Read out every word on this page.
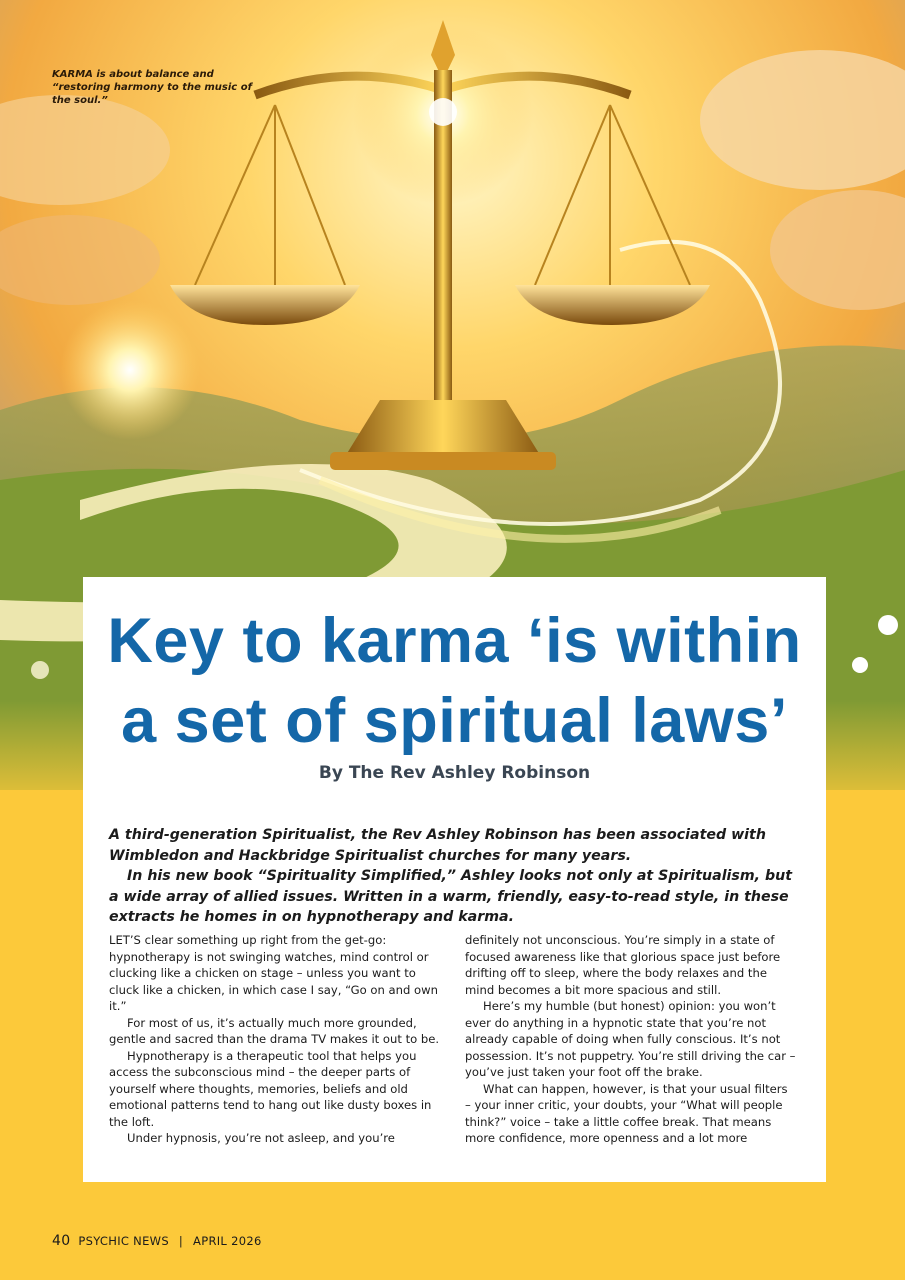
KARMA is about balance and “restoring harmony to the music of the soul.”
Key to karma ‘is within
a set of spiritual laws’
By The Rev Ashley Robinson

A third-generation Spiritualist, the Rev Ashley Robinson has been associated with Wimbledon and Hackbridge Spiritualist churches for many years.

In his new book “Spirituality Simplified,” Ashley looks not only at Spiritualism, but a wide array of allied issues. Written in a warm, friendly, easy-to-read style, in these extracts he homes in on hypnotherapy and karma.

LET’S clear something up right from the get-go: hypnotherapy is not swinging watches, mind control or clucking like a chicken on stage – unless you want to cluck like a chicken, in which case I say, “Go on and own it.”

For most of us, it’s actually much more grounded, gentle and sacred than the drama TV makes it out to be.

Hypnotherapy is a therapeutic tool that helps you access the subconscious mind – the deeper parts of yourself where thoughts, memories, beliefs and old emotional patterns tend to hang out like dusty boxes in the loft.

Under hypnosis, you’re not asleep, and you’re

definitely not unconscious. You’re simply in a state of focused awareness like that glorious space just before drifting off to sleep, where the body relaxes and the mind becomes a bit more spacious and still.

Here’s my humble (but honest) opinion: you won’t ever do anything in a hypnotic state that you’re not already capable of doing when fully conscious. It’s not possession. It’s not puppetry. You’re still driving the car – you’ve just taken your foot off the brake.

What can happen, however, is that your usual filters – your inner critic, your doubts, your “What will people think?” voice – take a little coffee break. That means more confidence, more openness and a lot more

40 PSYCHIC NEWS | APRIL 2026
